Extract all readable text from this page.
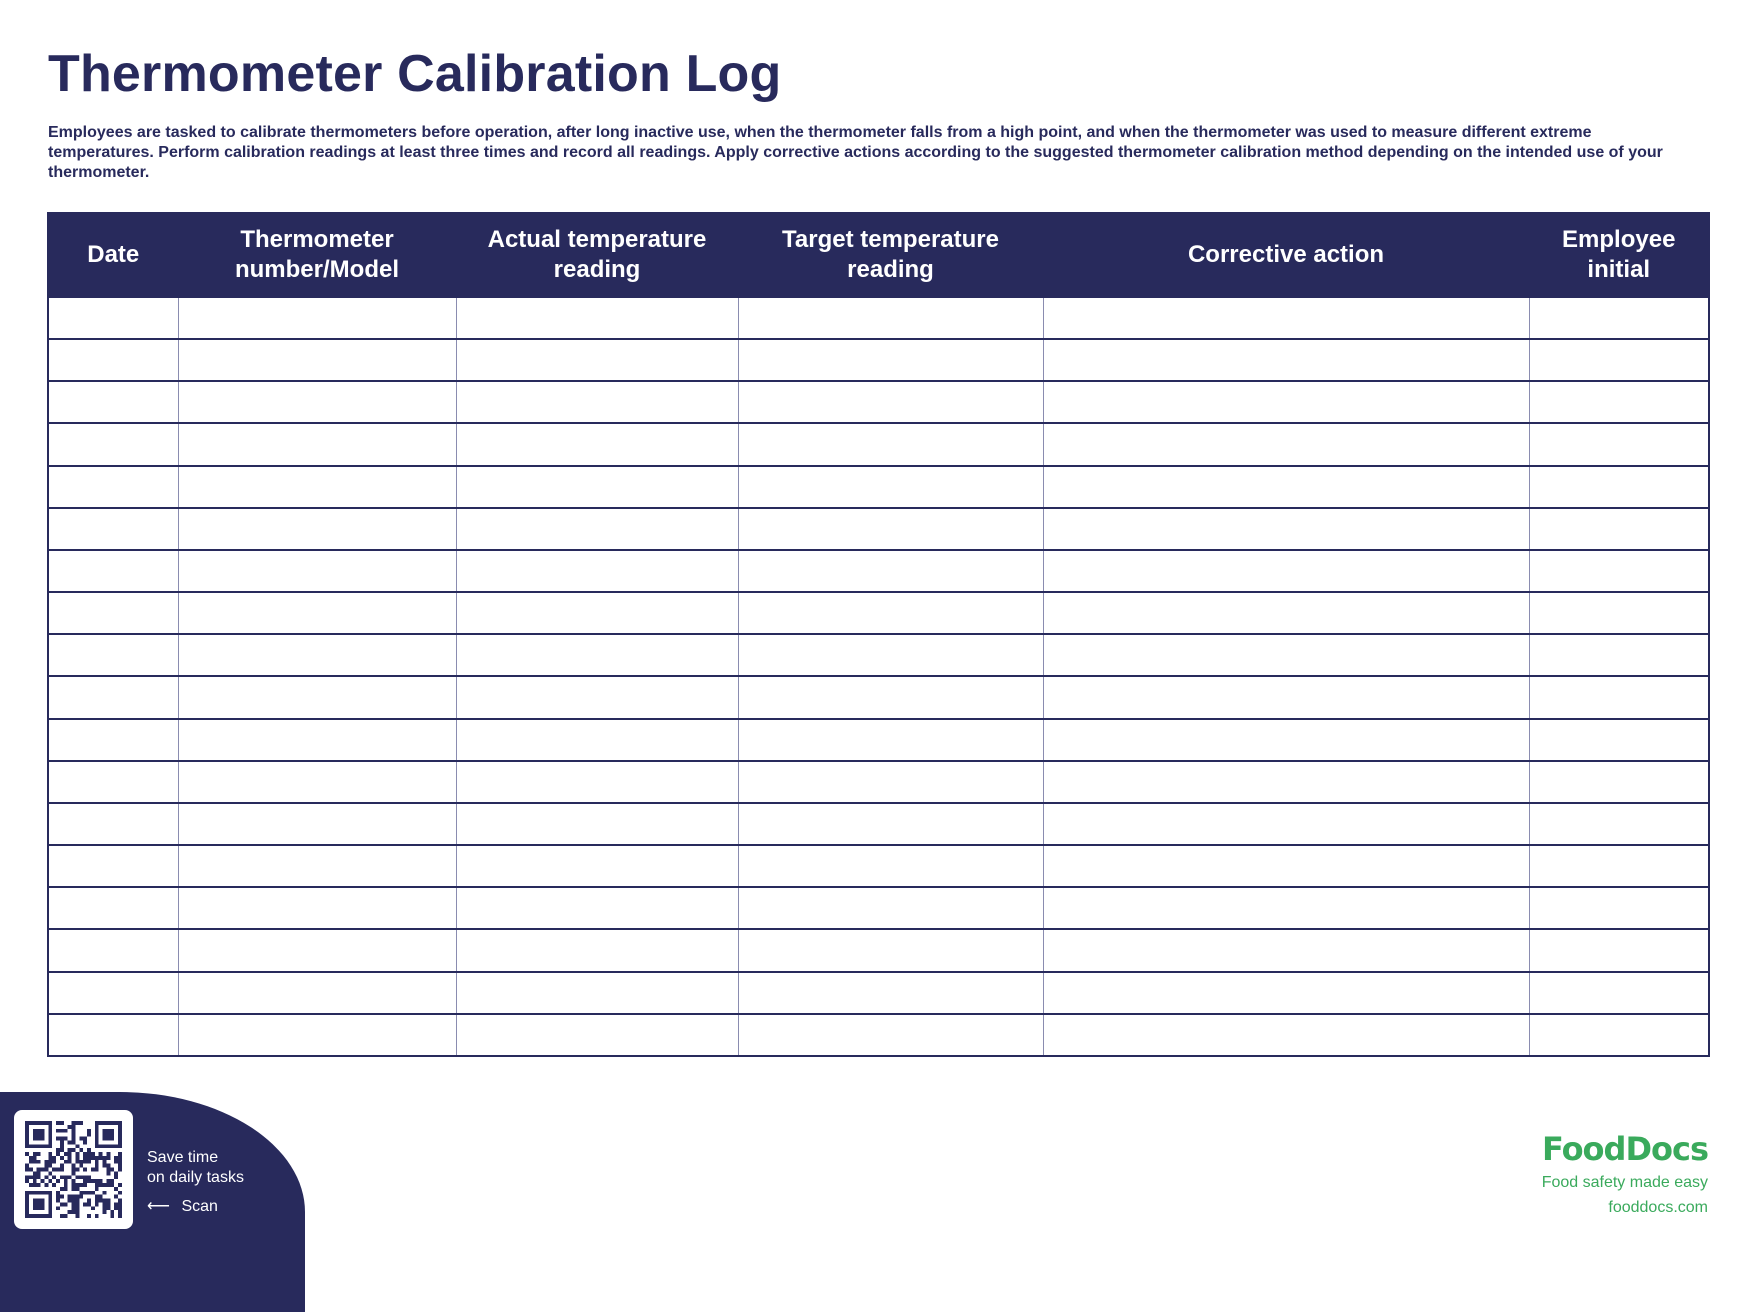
Thermometer Calibration Log

Employees are tasked to calibrate thermometers before operation, after long inactive use, when the thermometer falls from a high point, and when the thermometer was used to measure different extreme temperatures. Perform calibration readings at least three times and record all readings. Apply corrective actions according to the suggested thermometer calibration method depending on the intended use of your thermometer.

Date	Thermometer number/Model	Actual temperature reading	Target temperature reading	Corrective action	Employee initial

Save time
on daily tasks
⟵ Scan
FoodDocs
Food safety made easy
fooddocs.com
